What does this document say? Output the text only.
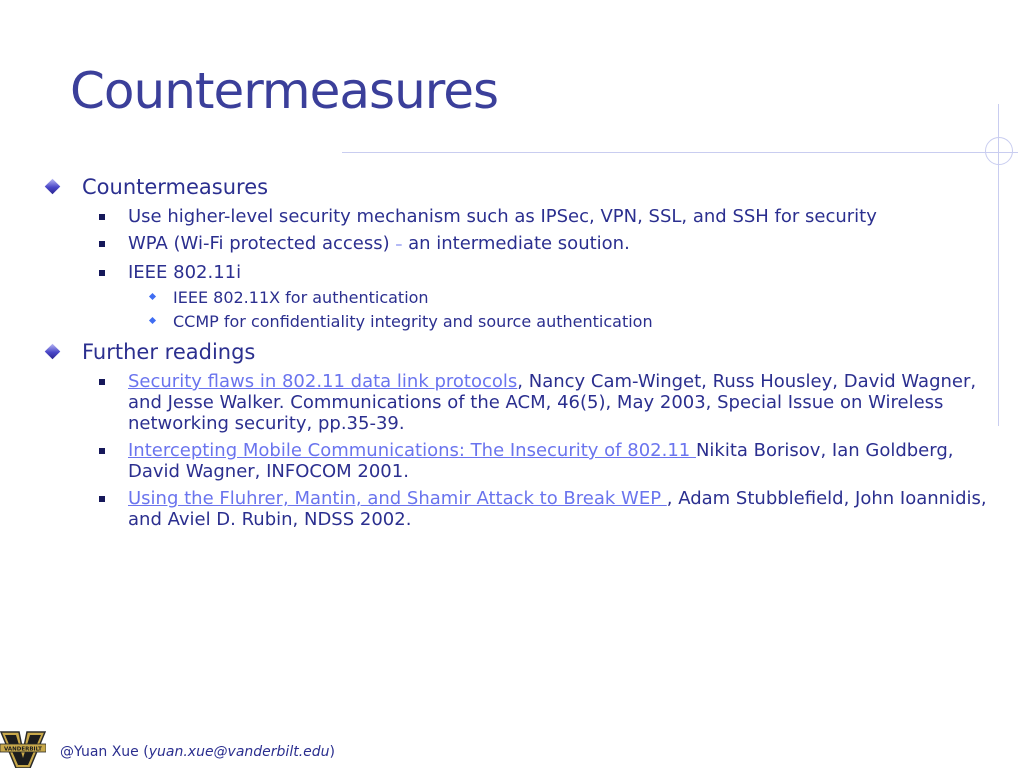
Countermeasures
Countermeasures
Use higher-level security mechanism such as IPSec, VPN, SSL, and SSH for security
WPA (Wi-Fi protected access) – an intermediate soution.
IEEE 802.11i
IEEE 802.11X for authentication
CCMP for confidentiality integrity and source authentication
Further readings
Security flaws in 802.11 data link protocols, Nancy Cam-Winget, Russ Housley, David Wagner, and Jesse Walker. Communications of the ACM, 46(5), May 2003, Special Issue on Wireless networking security, pp.35-39.
Intercepting Mobile Communications: The Insecurity of 802.11 Nikita Borisov, Ian Goldberg, David Wagner, INFOCOM 2001.
Using the Fluhrer, Mantin, and Shamir Attack to Break WEP , Adam Stubblefield, John Ioannidis, and Aviel D. Rubin, NDSS 2002.
VANDERBILT @Yuan Xue (yuan.xue@vanderbilt.edu)
